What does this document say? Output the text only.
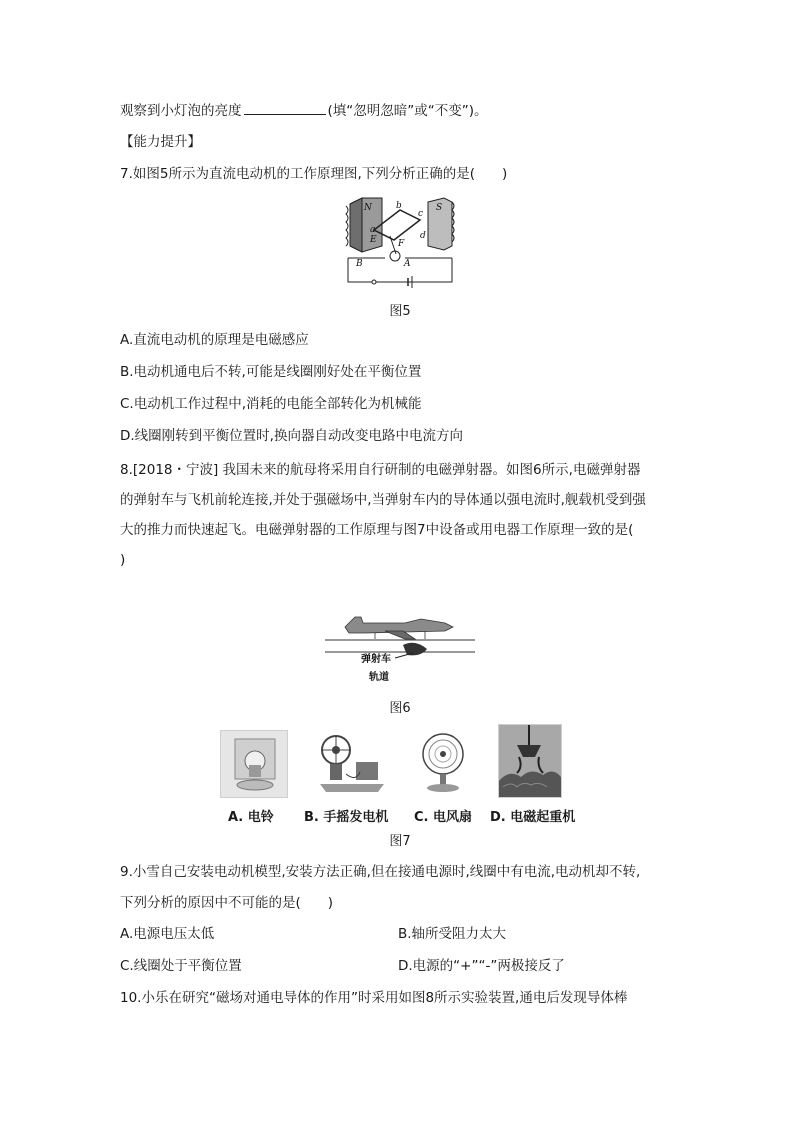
观察到小灯泡的亮度	(填“忽明忽暗”或“不变”)。
【能力提升】
7.如图5所示为直流电动机的工作原理图,下列分析正确的是(　　)
N	S
a
b
c
d
E F
B	A
图5
A.直流电动机的原理是电磁感应
B.电动机通电后不转,可能是线圈刚好处在平衡位置
C.电动机工作过程中,消耗的电能全部转化为机械能
D.线圈刚转到平衡位置时,换向器自动改变电路中电流方向
8.[2018・宁波] 我国未来的航母将采用自行研制的电磁弹射器。如图6所示,电磁弹射器
的弹射车与飞机前轮连接,并处于强磁场中,当弹射车内的导体通以强电流时,舰载机受到强
大的推力而快速起飞。电磁弹射器的工作原理与图7中设备或用电器工作原理一致的是(
)
弹射车
轨道
图6
A. 电铃 B. 手摇发电机 C. 电风扇 D. 电磁起重机
图7
9.小雪自己安装电动机模型,安装方法正确,但在接通电源时,线圈中有电流,电动机却不转,
下列分析的原因中不可能的是(　　)
A.电源电压太低	B.轴所受阻力太大
C.线圈处于平衡位置	D.电源的“+”“-”两极接反了
10.小乐在研究“磁场对通电导体的作用”时采用如图8所示实验装置,通电后发现导体棒
